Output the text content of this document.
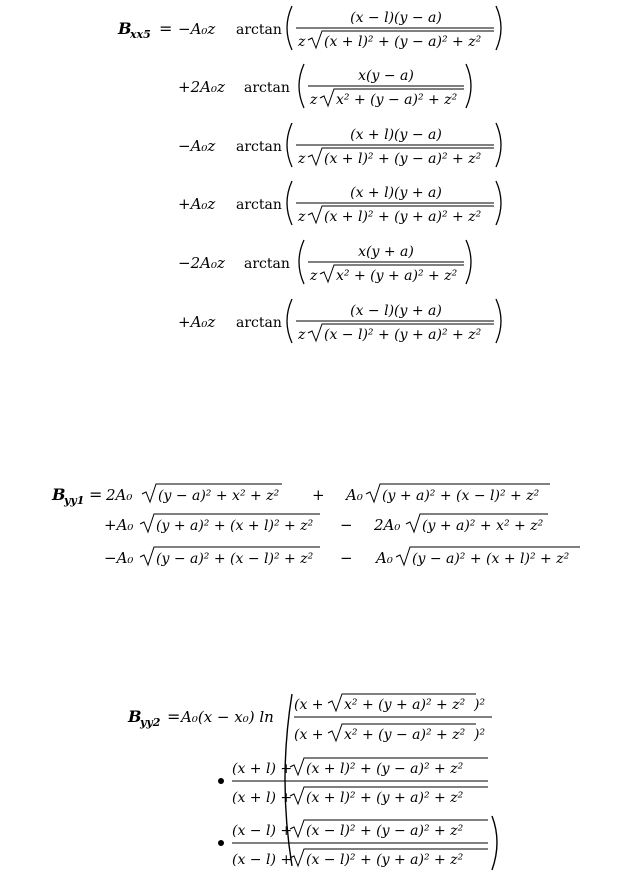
B
xx5 = −A₀z arctan
(x − l)(y − a)
z (x + l)² + (y − a)² + z²
+2A₀z arctan
x(y − a)
z x² + (y − a)² + z²
−A₀z arctan
(x + l)(y − a)
z (x + l)² + (y − a)² + z²
+A₀z arctan
(x + l)(y + a)
z (x + l)² + (y + a)² + z²
−2A₀z arctan
x(y + a)
z x² + (y + a)² + z²
+A₀z arctan
(x − l)(y + a)
z (x − l)² + (y + a)² + z²
B
yy1 = 2A₀ (y − a)² + x² + z² + A₀ (y + a)² + (x − l)² + z²
+A₀ (y + a)² + (x + l)² + z² − 2A₀ (y + a)² + x² + z²
−A₀ (y − a)² + (x − l)² + z² − A₀ (y − a)² + (x + l)² + z²
B
yy2 = A₀(x − x₀) ln
(x + x² + (y + a)² + z² )²
(x + x² + (y − a)² + z² )²
(x + l) + (x + l)² + (y − a)² + z²
(x + l) + (x + l)² + (y + a)² + z²
(x − l) + (x − l)² + (y − a)² + z²
(x − l) + (x − l)² + (y + a)² + z²
